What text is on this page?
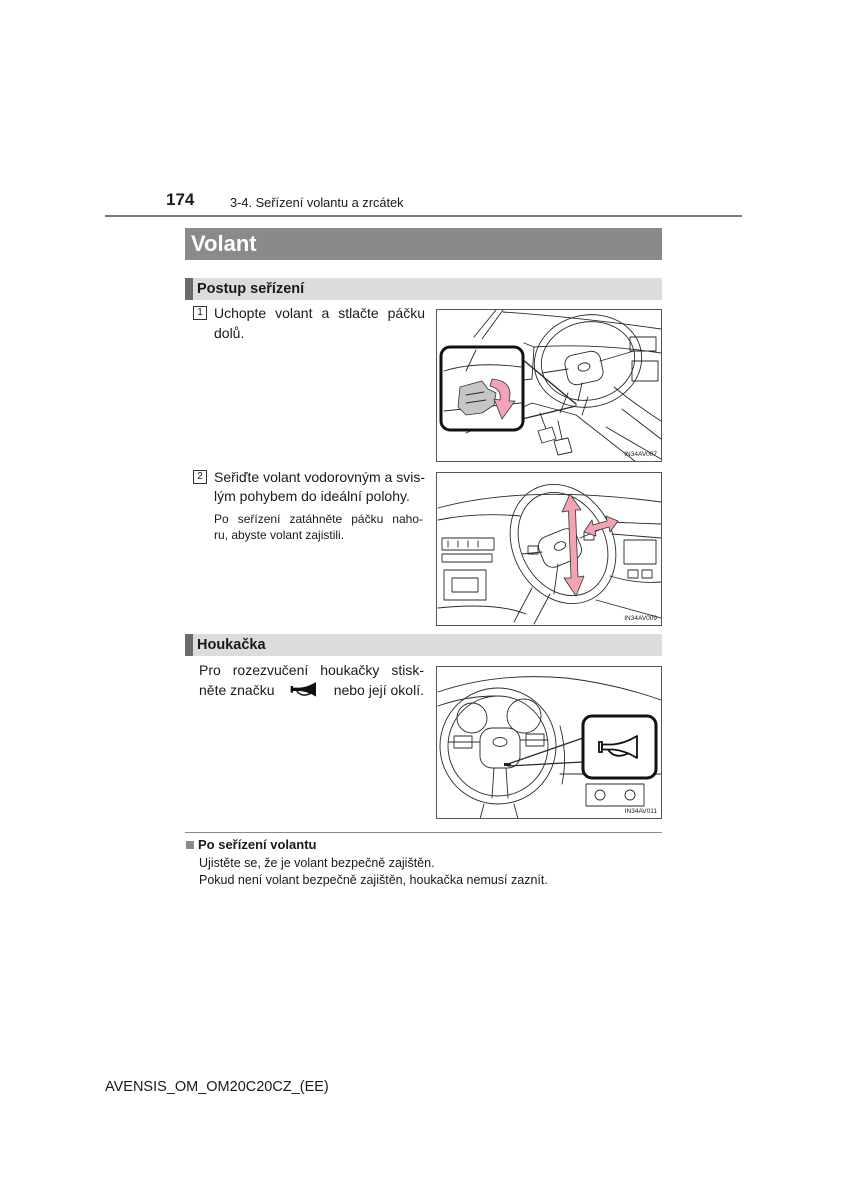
174	3-4. Seřízení volantu a zrcátek
Volant
Postup seřízení
1 Uchopte volant a stlačte páčku
dolů.
IN34AV007
2 Seřiďte volant vodorovným a svis-
lým pohybem do ideální polohy.
Po seřízení zatáhněte páčku naho-
ru, abyste volant zajistili.
IN34AV009
Houkačka
Pro rozezvučení houkačky stisk-
něte značku	nebo její okolí.
IN34AV011
Po seřízení volantu
Ujistěte se, že je volant bezpečně zajištěn.
Pokud není volant bezpečně zajištěn, houkačka nemusí zaznít.
AVENSIS_OM_OM20C20CZ_(EE)
